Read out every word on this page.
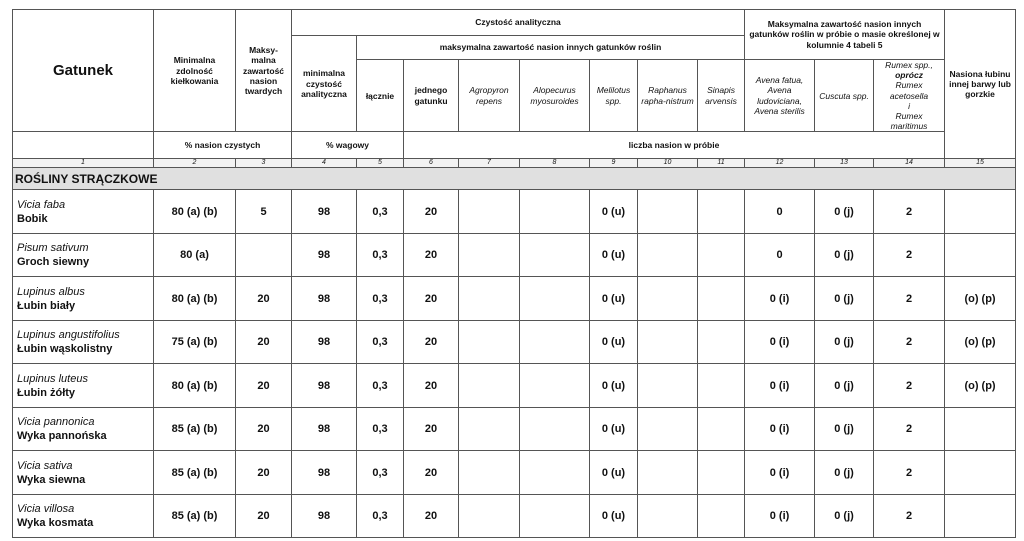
Gatunek	Minimalna zdolność kiełkowania	Maksy-malna zawartość nasion twardych	Czystość analityczna								Maksymalna zawartość nasion innych gatunków roślin w próbie o masie określonej w kolumnie 4 tabeli 5			Nasiona łubinu innej barwy lub gorzkie
			minimalna czystość analityczna	maksymalna zawartość nasion innych gatunków roślin										
				łącznie	jednego gatunku	Agropyron repens	Alopecurus myosuroides	Melilotus spp.	Raphanus rapha-nistrum	Sinapis arvensis	Avena fatua, Avena ludoviciana, Avena sterilis	Cuscuta spp.	Rumex spp.,
oprócz
Rumex acetosella
i
Rumex maritimus	

	% nasion czystych		% wagowy		liczba nasion w próbie									
1	2	3	4	5	6	7	8	9	10	11	12	13	14	15
ROŚLINY STRĄCZKOWE														

Vicia faba
Bobik	80 (a) (b)	5	98	0,3	20			0 (u)			0	0 (j)	2	

Pisum sativum
Groch siewny	80 (a)		98	0,3	20			0 (u)			0	0 (j)	2	

Lupinus albus
Łubin biały	80 (a) (b)	20	98	0,3	20			0 (u)			0 (i)	0 (j)	2	(o) (p)

Lupinus angustifolius
Łubin wąskolistny	75 (a) (b)	20	98	0,3	20			0 (u)			0 (i)	0 (j)	2	(o) (p)

Lupinus luteus
Łubin żółty	80 (a) (b)	20	98	0,3	20			0 (u)			0 (i)	0 (j)	2	(o) (p)

Vicia pannonica
Wyka pannońska	85 (a) (b)	20	98	0,3	20			0 (u)			0 (i)	0 (j)	2	

Vicia sativa
Wyka siewna	85 (a) (b)	20	98	0,3	20			0 (u)			0 (i)	0 (j)	2	

Vicia villosa
Wyka kosmata	85 (a) (b)	20	98	0,3	20			0 (u)			0 (i)	0 (j)	2	
